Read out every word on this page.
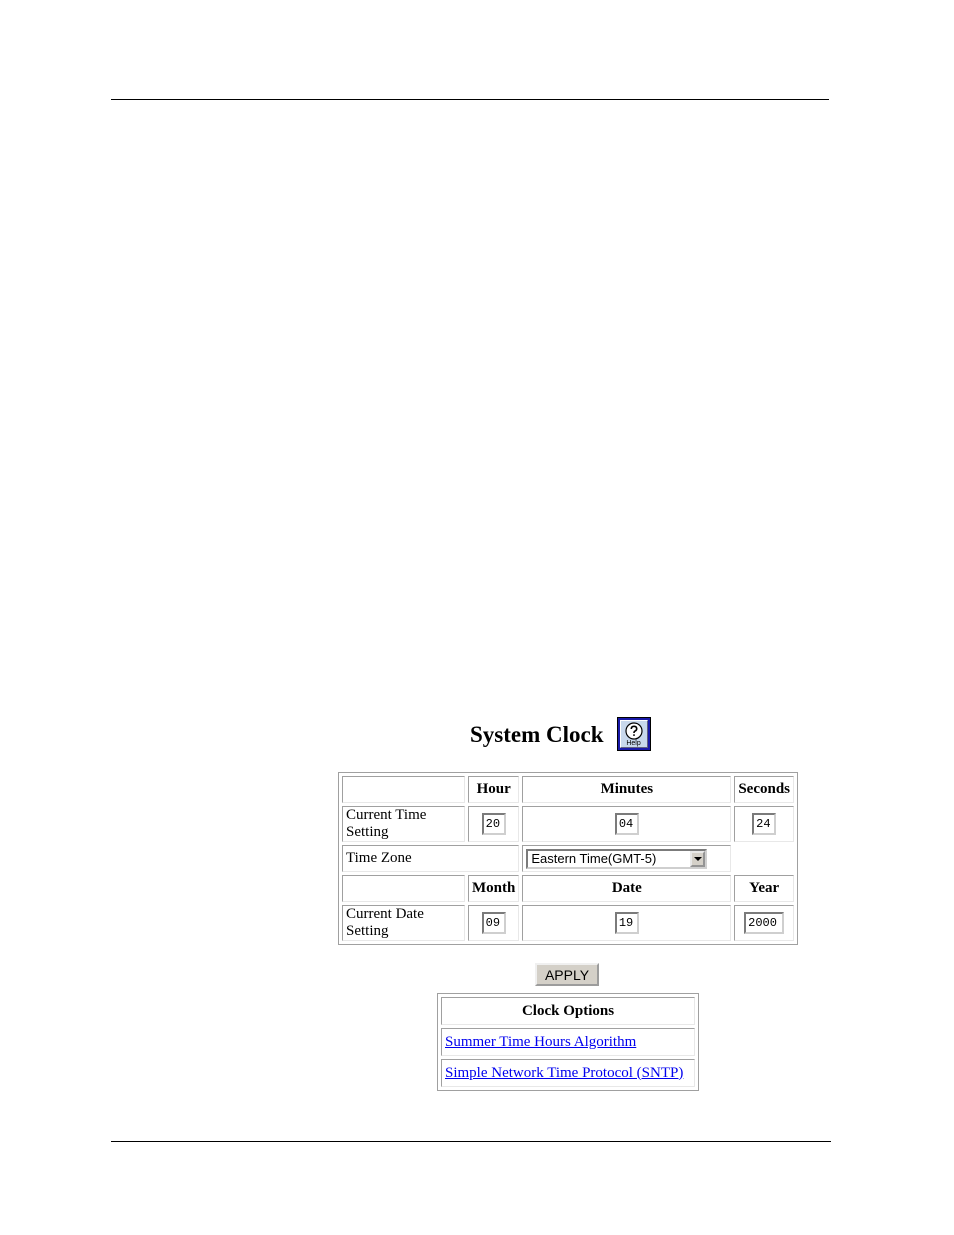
System Clock	Help
	Hour	Minutes	Seconds
Current Time Setting	20	04	24
Time Zone		Eastern Time(GMT-5)	

	Month	Date	Year
Current Date Setting	09	19	2000
APPLY
Clock Options
Summer Time Hours Algorithm
Simple Network Time Protocol (SNTP)
